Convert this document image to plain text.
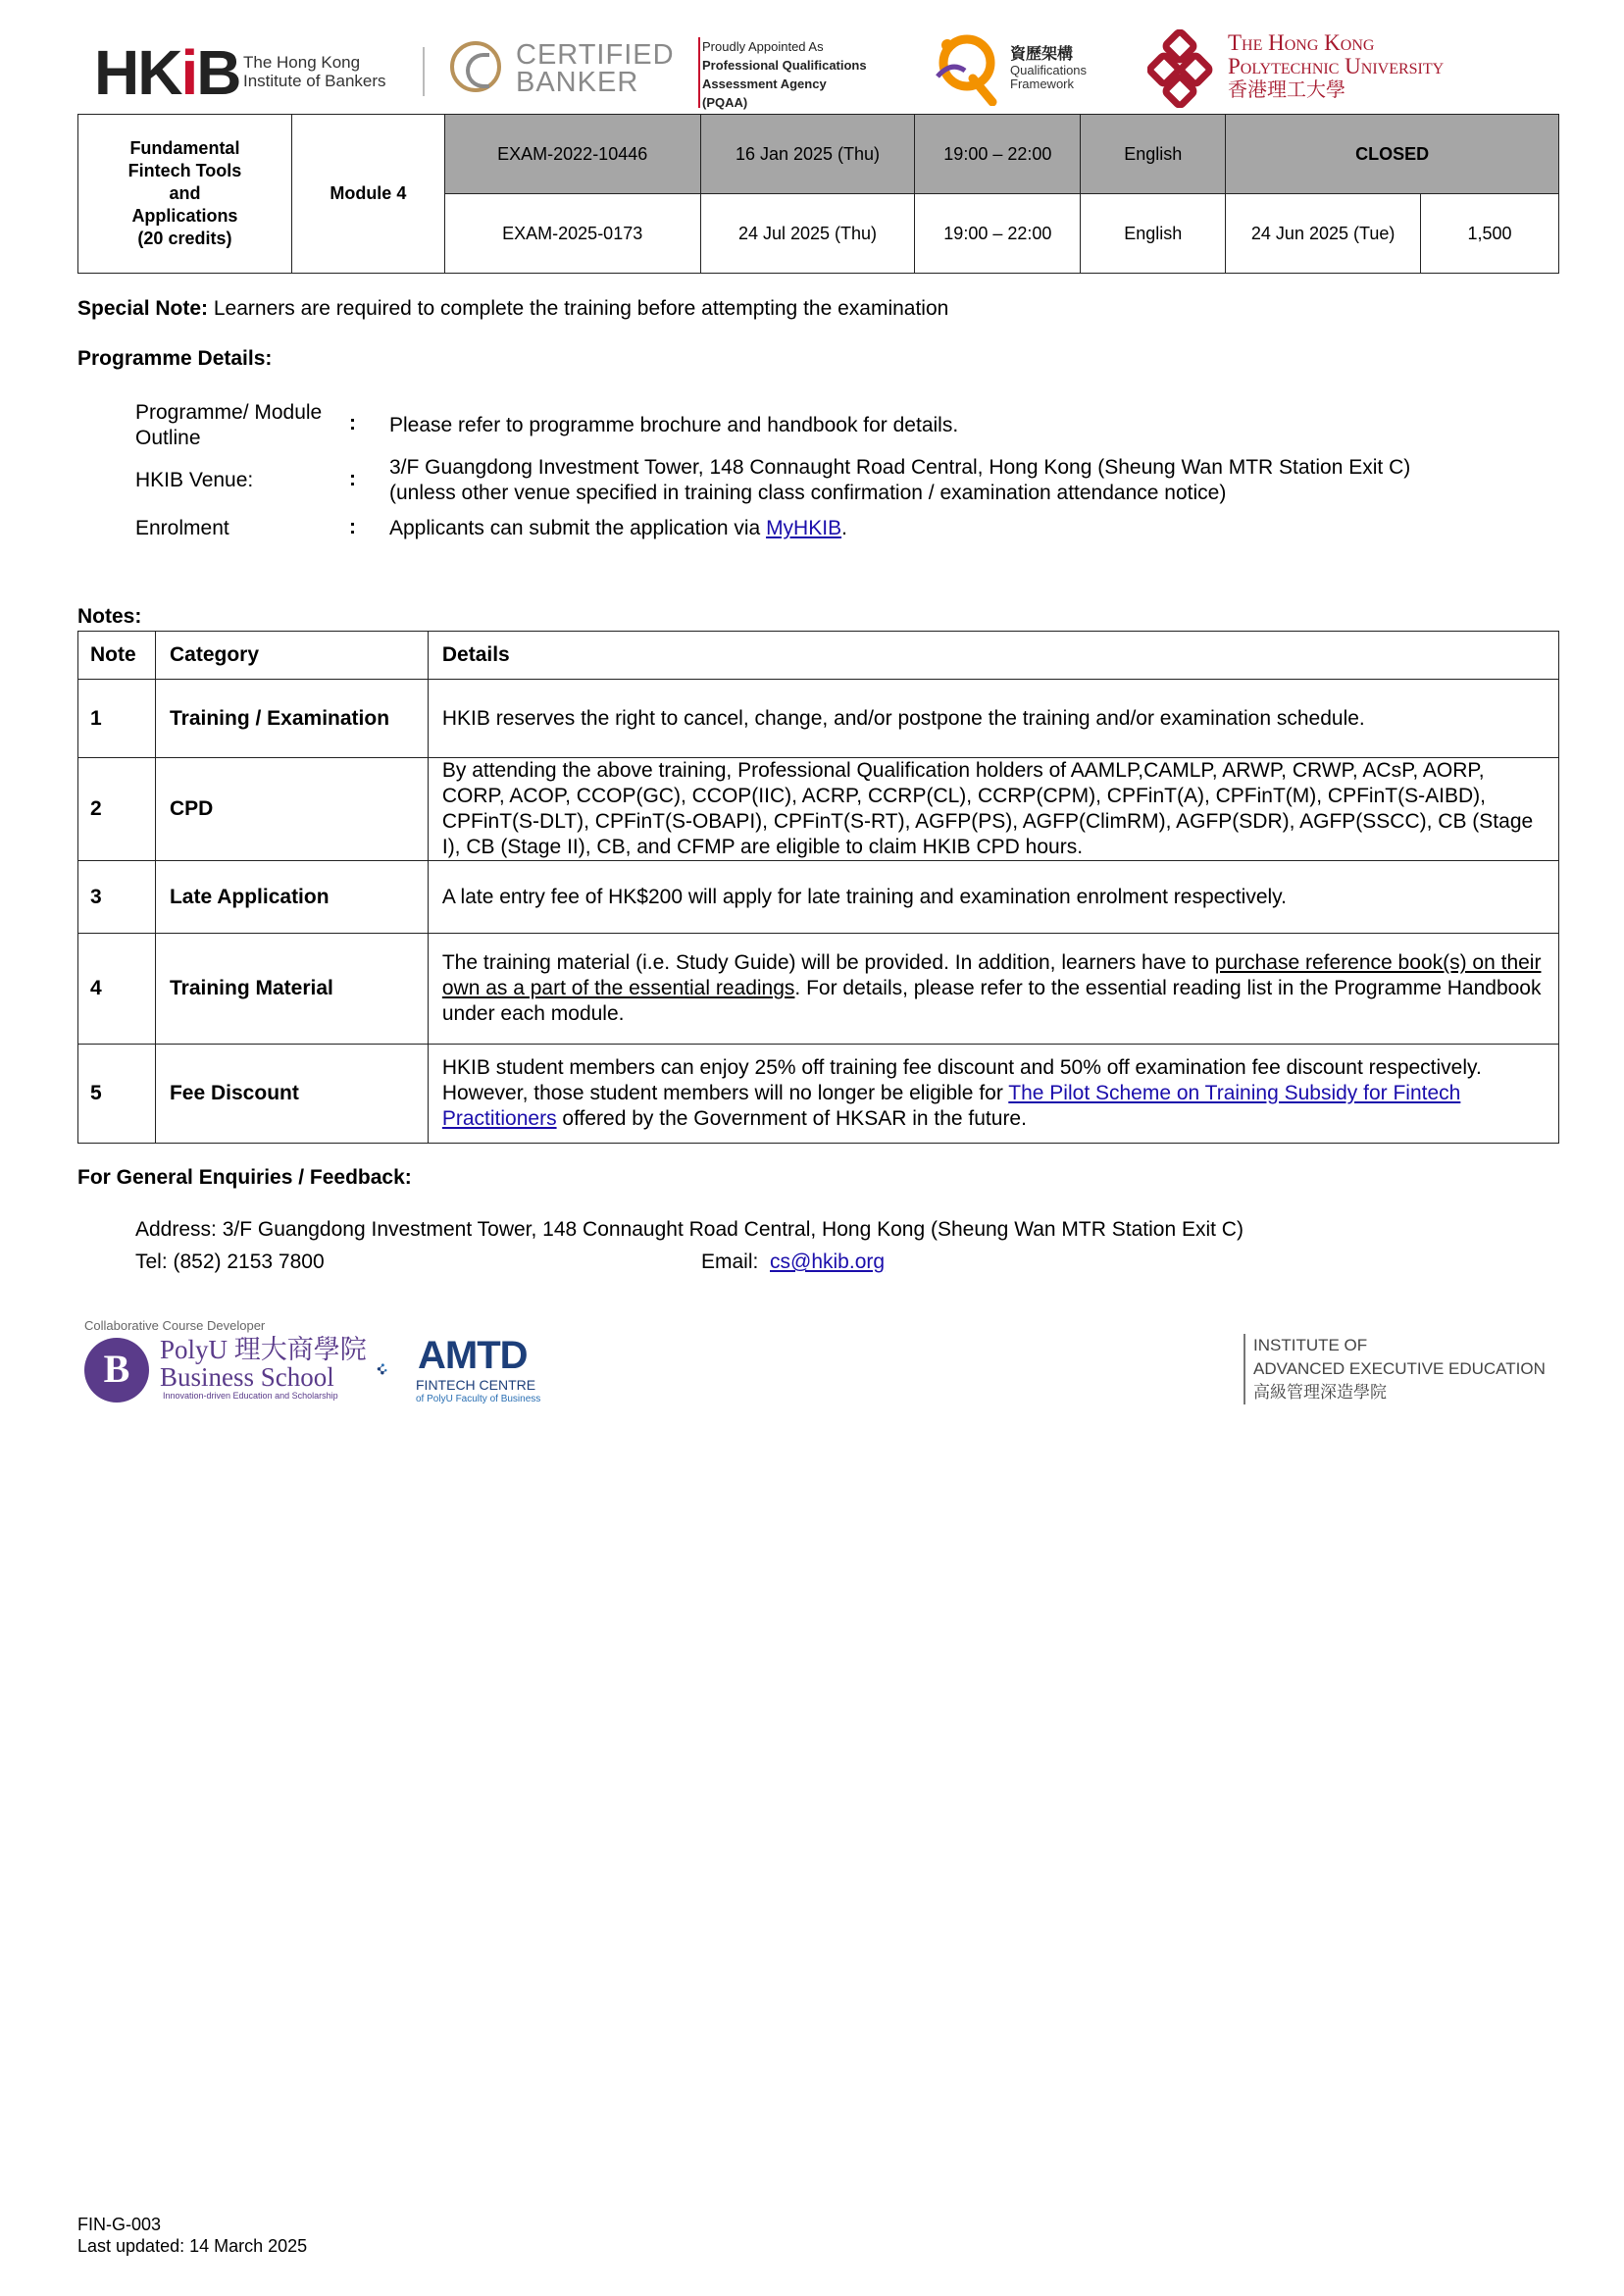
HKiB The Hong Kong
Institute of Bankers
CERTIFIED
BANKER
Proudly Appointed As
Professional Qualifications
Assessment Agency
(PQAA)
資歷架構
Qualifications
Framework
The Hong Kong
Polytechnic University
香港理工大學
Fundamental
Fintech Tools
and
Applications
(20 credits)	Module 4	EXAM-2022-10446	16 Jan 2025 (Thu)	19:00 – 22:00	English	CLOSED	
		EXAM-2025-0173	24 Jul 2025 (Thu)	19:00 – 22:00	English	24 Jun 2025 (Tue)	1,500
Special Note: Learners are required to complete the training before attempting the examination
Programme Details:
Programme/ Module
Outline
: Please refer to programme brochure and handbook for details.
HKIB Venue:	:
3/F Guangdong Investment Tower, 148 Connaught Road Central, Hong Kong (Sheung Wan MTR Station Exit C)
(unless other venue specified in training class confirmation / examination attendance notice)
Enrolment	: Applicants can submit the application via MyHKIB.
Notes:
Note	Category	Details
1	Training / Examination	HKIB reserves the right to cancel, change, and/or postpone the training and/or examination schedule.
2	CPD	By attending the above training, Professional Qualification holders of AAMLP,CAMLP, ARWP, CRWP, ACsP, AORP, CORP, ACOP, CCOP(GC), CCOP(IIC), ACRP, CCRP(CL), CCRP(CPM), CPFinT(A), CPFinT(M), CPFinT(S-AIBD), CPFinT(S-DLT), CPFinT(S-OBAPI), CPFinT(S-RT), AGFP(PS), AGFP(ClimRM), AGFP(SDR), AGFP(SSCC), CB (Stage I), CB (Stage II), CB, and CFMP are eligible to claim HKIB CPD hours.
3	Late Application	A late entry fee of HK$200 will apply for late training and examination enrolment respectively.
4	Training Material	The training material (i.e. Study Guide) will be provided. In addition, learners have to purchase reference book(s) on their own as a part of the essential readings. For details, please refer to the essential reading list in the Programme Handbook under each module.
5	Fee Discount	HKIB student members can enjoy 25% off training fee discount and 50% off examination fee discount respectively. However, those student members will no longer be eligible for The Pilot Scheme on Training Subsidy for Fintech Practitioners offered by the Government of HKSAR in the future.
For General Enquiries / Feedback:
Address: 3/F Guangdong Investment Tower, 148 Connaught Road Central, Hong Kong (Sheung Wan MTR Station Exit C)
Tel: (852) 2153 7800	Email:  cs@hkib.org
Collaborative Course Developer
B	PolyU 理大商學院
Business School
Innovation-driven Education and Scholarship
AMTD
FINTECH CENTRE
of PolyU Faculty of Business
INSTITUTE OF
ADVANCED EXECUTIVE EDUCATION
高級管理深造學院
FIN-G-003
Last updated: 14 March 2025
